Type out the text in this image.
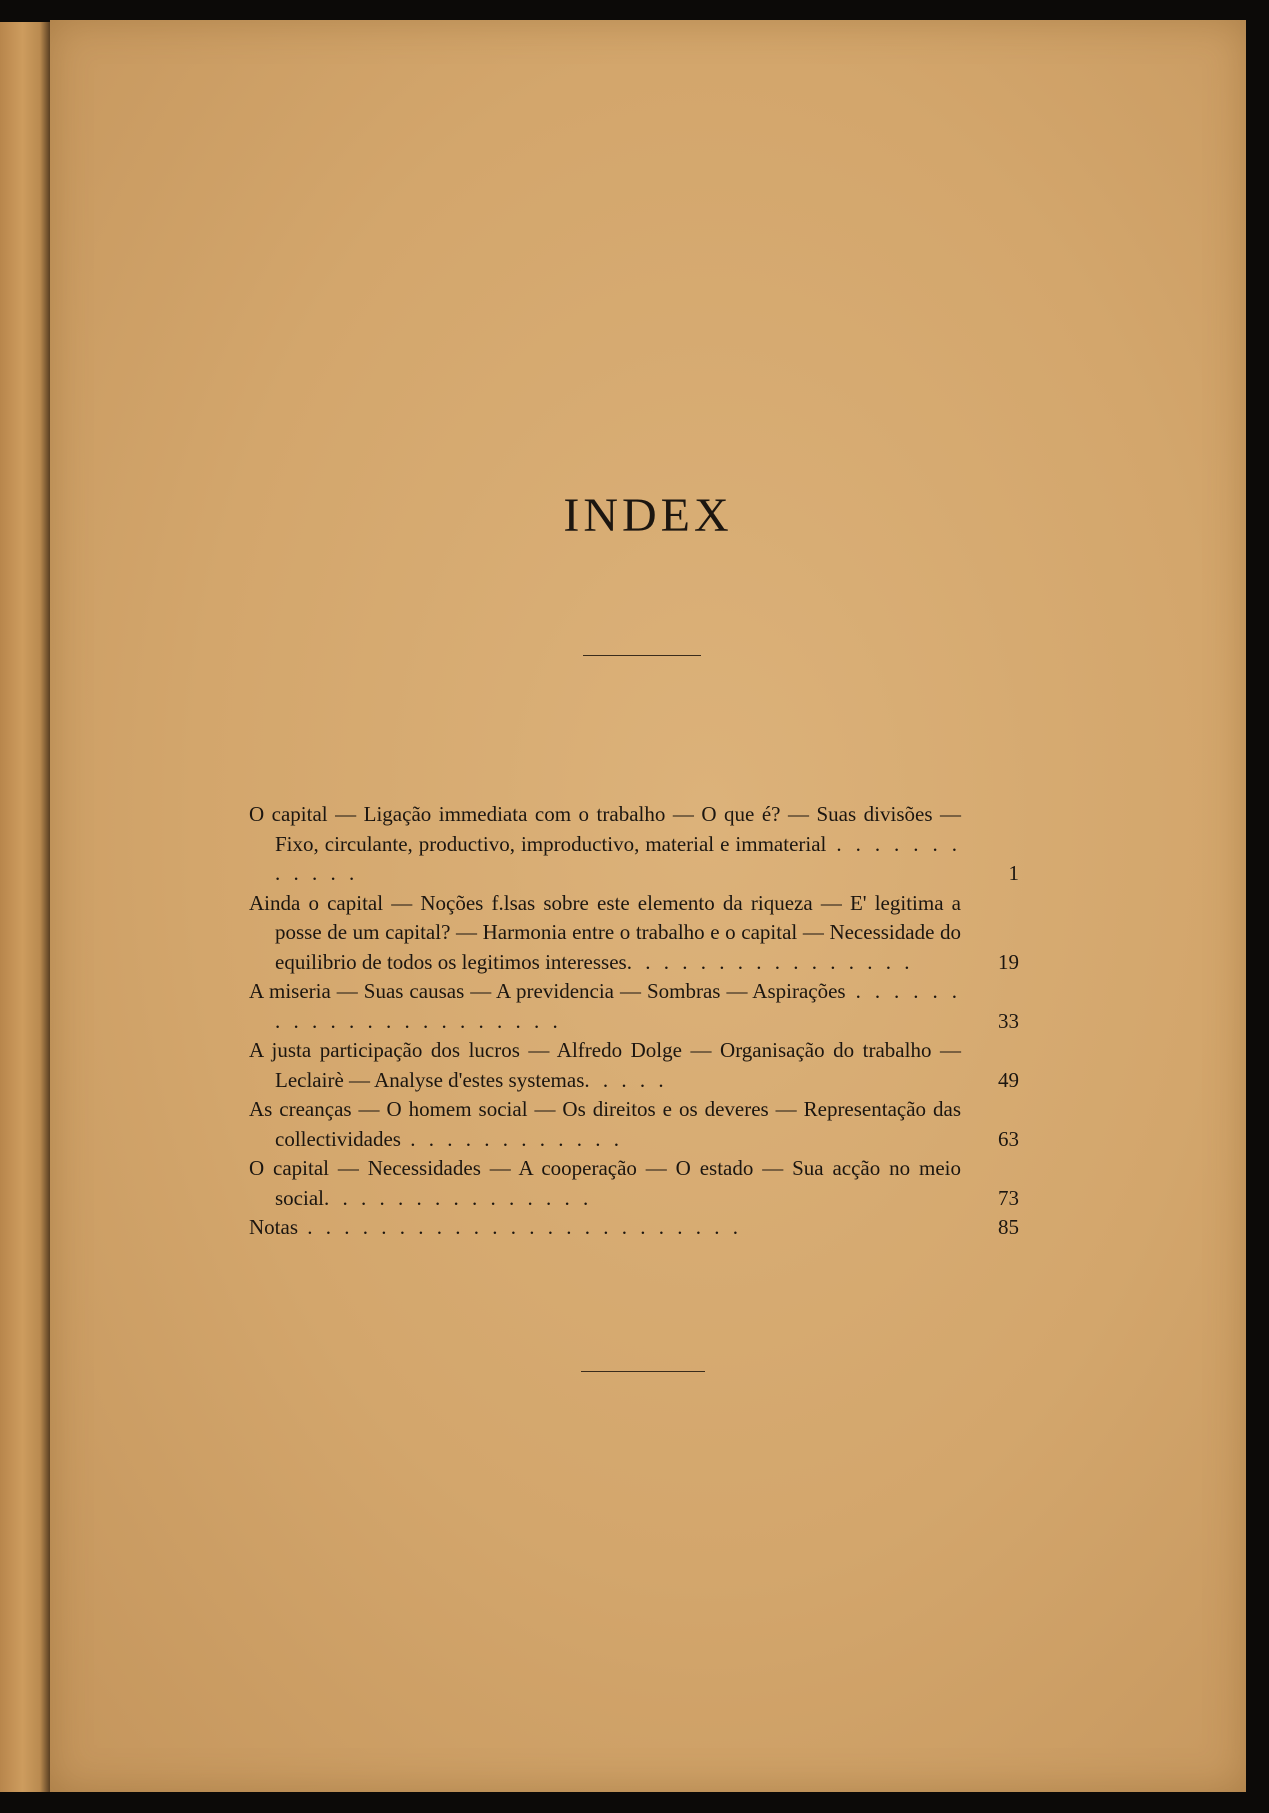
INDEX
O capital — Ligação immediata com o trabalho — O que é? — Suas divisões — Fixo, circulante, productivo, improductivo, material e immaterial . . . . . . . . . . . .	1
Ainda o capital — Noções f.lsas sobre este elemento da riqueza — E' legitima a posse de um capital? — Harmonia entre o trabalho e o capital — Necessidade do equilibrio de todos os legitimos interesses. . . . . . . . . . . . . . . .	19
A miseria — Suas causas — A previdencia — Sombras — Aspirações . . . . . . . . . . . . . . . . . . . . . .	33
A justa participação dos lucros — Alfredo Dolge — Organisação do trabalho — Leclairè — Analyse d'estes systemas. . . . .	49
As creanças — O homem social — Os direitos e os deveres — Representação das collectividades . . . . . . . . . . . .	63
O capital — Necessidades — A cooperação — O estado — Sua acção no meio social. . . . . . . . . . . . . . .	73
Notas . . . . . . . . . . . . . . . . . . . . . . . .	85
